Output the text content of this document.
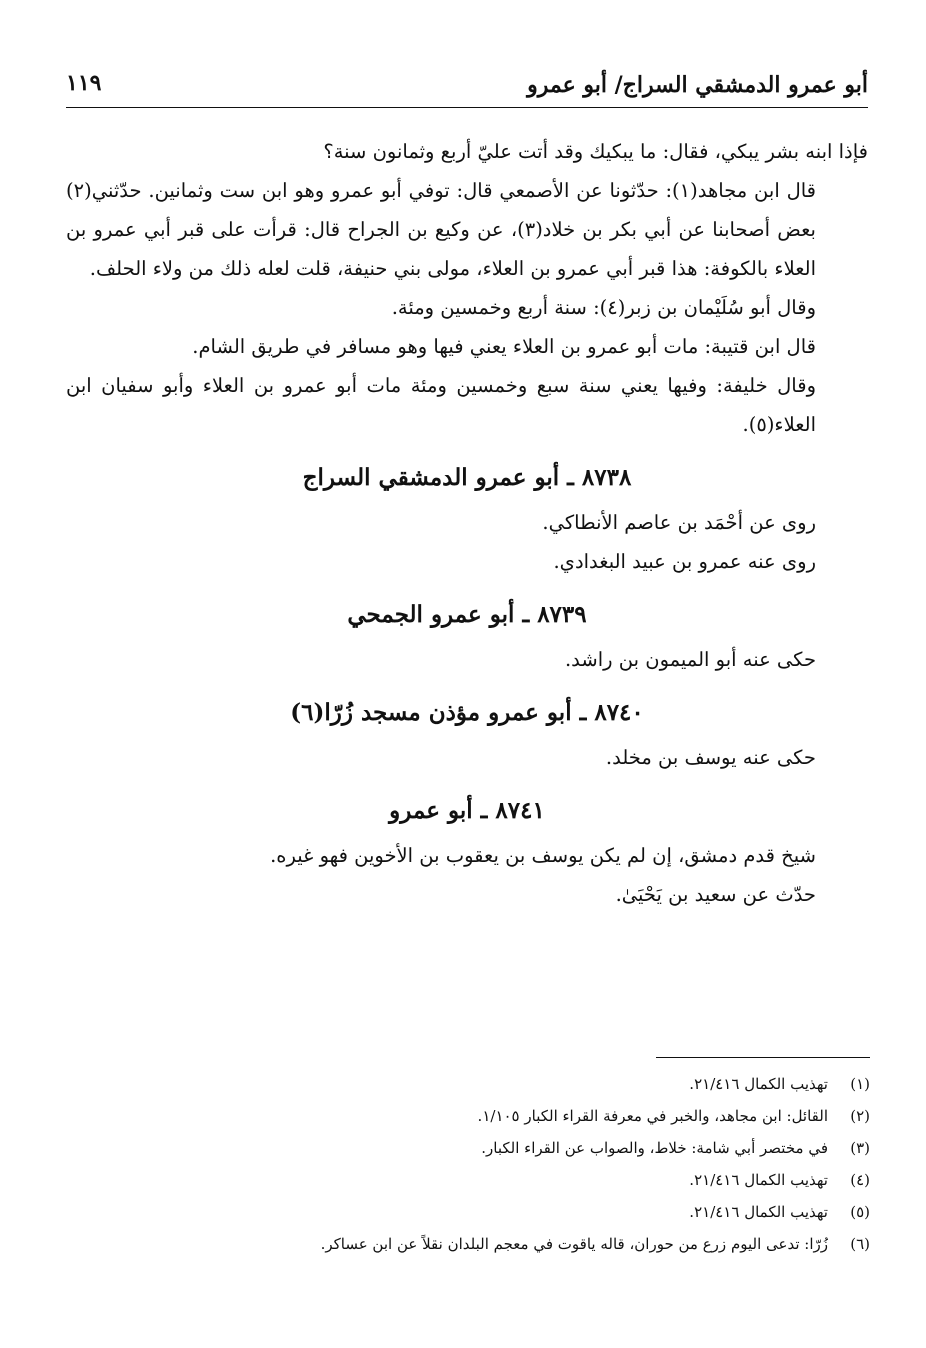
أبو عمرو الدمشقي السراج/ أبو عمرو
١١٩

فإذا ابنه بشر يبكي، فقال: ما يبكيك وقد أتت عليّ أربع وثمانون سنة؟

قال ابن مجاهد(١): حدّثونا عن الأصمعي قال: توفي أبو عمرو وهو ابن ست وثمانين. حدّثني(٢) بعض أصحابنا عن أبي بكر بن خلاد(٣)، عن وكيع بن الجراح قال: قرأت على قبر أبي عمرو بن العلاء بالكوفة: هذا قبر أبي عمرو بن العلاء، مولى بني حنيفة، قلت لعله ذلك من ولاء الحلف.

وقال أبو سُلَيْمان بن زبر(٤): سنة أربع وخمسين ومئة.

قال ابن قتيبة: مات أبو عمرو بن العلاء يعني فيها وهو مسافر في طريق الشام.

وقال خليفة: وفيها يعني سنة سبع وخمسين ومئة مات أبو عمرو بن العلاء وأبو سفيان ابن العلاء(٥).

٨٧٣٨ ـ أبو عمرو الدمشقي السراج

روى عن أحْمَد بن عاصم الأنطاكي.

روى عنه عمرو بن عبيد البغدادي.

٨٧٣٩ ـ أبو عمرو الجمحي

حكى عنه أبو الميمون بن راشد.

٨٧٤٠ ـ أبو عمرو مؤذن مسجد زُرّا(٦)

حكى عنه يوسف بن مخلد.

٨٧٤١ ـ أبو عمرو

شيخ قدم دمشق، إن لم يكن يوسف بن يعقوب بن الأخوين فهو غيره.

حدّث عن سعيد بن يَحْيَىٰ.

(١)
تهذيب الكمال ٢١/٤١٦.
(٢)
القائل: ابن مجاهد، والخبر في معرفة القراء الكبار ١/١٠٥.
(٣)
في مختصر أبي شامة: خلاط، والصواب عن القراء الكبار.
(٤)
تهذيب الكمال ٢١/٤١٦.
(٥)
تهذيب الكمال ٢١/٤١٦.
(٦)
زُرّا: تدعى اليوم زرع من حوران، قاله ياقوت في معجم البلدان نقلاً عن ابن عساكر.
